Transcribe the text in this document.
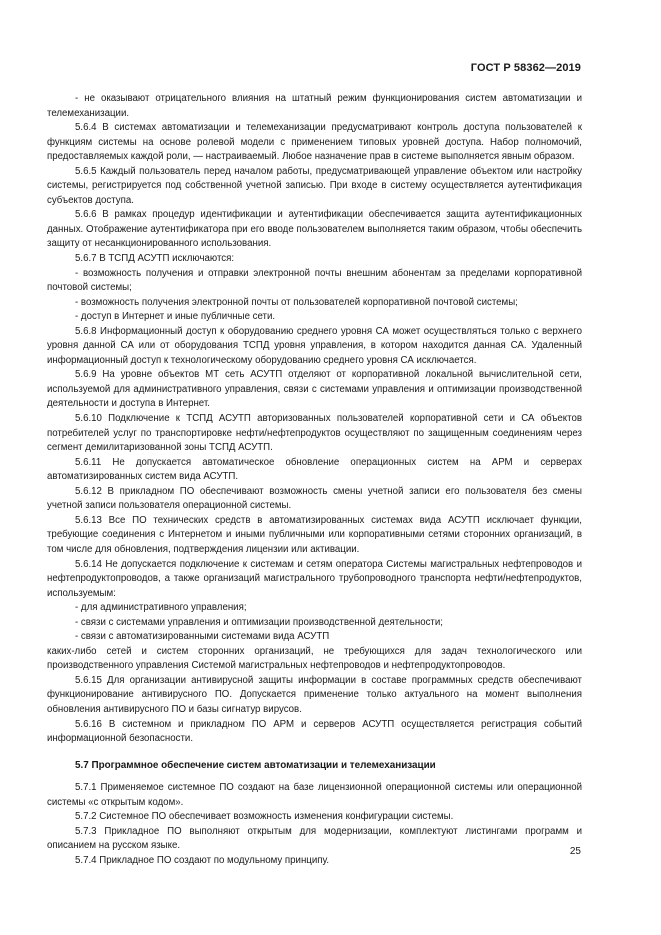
ГОСТ Р 58362—2019
- не оказывают отрицательного влияния на штатный режим функционирования систем автоматизации и телемеханизации.
5.6.4 В системах автоматизации и телемеханизации предусматривают контроль доступа пользователей к функциям системы на основе ролевой модели с применением типовых уровней доступа. Набор полномочий, предоставляемых каждой роли, — настраиваемый. Любое назначение прав в системе выполняется явным образом.
5.6.5 Каждый пользователь перед началом работы, предусматривающей управление объектом или настройку системы, регистрируется под собственной учетной записью. При входе в систему осуществляется аутентификация субъектов доступа.
5.6.6 В рамках процедур идентификации и аутентификации обеспечивается защита аутентификационных данных. Отображение аутентификатора при его вводе пользователем выполняется таким образом, чтобы обеспечить защиту от несанкционированного использования.
5.6.7 В ТСПД АСУТП исключаются:
- возможность получения и отправки электронной почты внешним абонентам за пределами корпоративной почтовой системы;
- возможность получения электронной почты от пользователей корпоративной почтовой системы;
- доступ в Интернет и иные публичные сети.
5.6.8 Информационный доступ к оборудованию среднего уровня СА может осуществляться только с верхнего уровня данной СА или от оборудования ТСПД уровня управления, в котором находится данная СА. Удаленный информационный доступ к технологическому оборудованию среднего уровня СА исключается.
5.6.9 На уровне объектов МТ сеть АСУТП отделяют от корпоративной локальной вычислительной сети, используемой для административного управления, связи с системами управления и оптимизации производственной деятельности и доступа в Интернет.
5.6.10 Подключение к ТСПД АСУТП авторизованных пользователей корпоративной сети и СА объектов потребителей услуг по транспортировке нефти/нефтепродуктов осуществляют по защищенным соединениям через сегмент демилитаризованной зоны ТСПД АСУТП.
5.6.11 Не допускается автоматическое обновление операционных систем на АРМ и серверах автоматизированных систем вида АСУТП.
5.6.12 В прикладном ПО обеспечивают возможность смены учетной записи его пользователя без смены учетной записи пользователя операционной системы.
5.6.13 Все ПО технических средств в автоматизированных системах вида АСУТП исключает функции, требующие соединения с Интернетом и иными публичными или корпоративными сетями сторонних организаций, в том числе для обновления, подтверждения лицензии или активации.
5.6.14 Не допускается подключение к системам и сетям оператора Системы магистральных нефтепроводов и нефтепродуктопроводов, а также организаций магистрального трубопроводного транспорта нефти/нефтепродуктов, используемым:
- для административного управления;
- связи с системами управления и оптимизации производственной деятельности;
- связи с автоматизированными системами вида АСУТП
каких-либо сетей и систем сторонних организаций, не требующихся для задач технологического или производственного управления Системой магистральных нефтепроводов и нефтепродуктопроводов.
5.6.15 Для организации антивирусной защиты информации в составе программных средств обеспечивают функционирование антивирусного ПО. Допускается применение только актуального на момент выполнения обновления антивирусного ПО и базы сигнатур вирусов.
5.6.16 В системном и прикладном ПО АРМ и серверов АСУТП осуществляется регистрация событий информационной безопасности.
5.7 Программное обеспечение систем автоматизации и телемеханизации
5.7.1 Применяемое системное ПО создают на базе лицензионной операционной системы или операционной системы «с открытым кодом».
5.7.2 Системное ПО обеспечивает возможность изменения конфигурации системы.
5.7.3 Прикладное ПО выполняют открытым для модернизации, комплектуют листингами программ и описанием на русском языке.
5.7.4 Прикладное ПО создают по модульному принципу.
25
